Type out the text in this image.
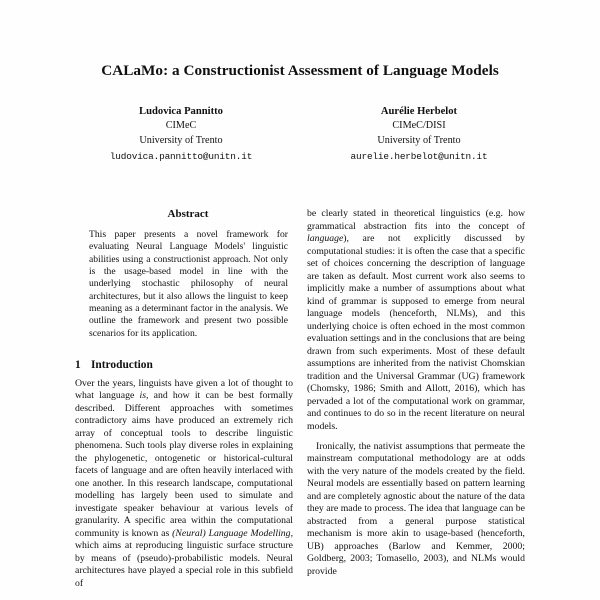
CALaMo: a Constructionist Assessment of Language Models
Ludovica Pannitto
CIMeC
University of Trento
ludovica.pannitto@unitn.it
Aurélie Herbelot
CIMeC/DISI
University of Trento
aurelie.herbelot@unitn.it
Abstract
This paper presents a novel framework for evaluating Neural Language Models' linguistic abilities using a constructionist approach. Not only is the usage-based model in line with the underlying stochastic philosophy of neural architectures, but it also allows the linguist to keep meaning as a determinant factor in the analysis. We outline the framework and present two possible scenarios for its application.
1 Introduction

Over the years, linguists have given a lot of thought to what language is, and how it can be best formally described. Different approaches with sometimes contradictory aims have produced an extremely rich array of conceptual tools to describe linguistic phenomena. Such tools play diverse roles in explaining the phylogenetic, ontogenetic or historical-cultural facets of language and are often heavily interlaced with one another. In this research landscape, computational modelling has largely been used to simulate and investigate speaker behaviour at various levels of granularity. A specific area within the computational community is known as (Neural) Language Modelling, which aims at reproducing linguistic surface structure by means of (pseudo)-probabilistic models. Neural architectures have played a special role in this subfield of

be clearly stated in theoretical linguistics (e.g. how grammatical abstraction fits into the concept of language), are not explicitly discussed by computational studies: it is often the case that a specific set of choices concerning the description of language are taken as default. Most current work also seems to implicitly make a number of assumptions about what kind of grammar is supposed to emerge from neural language models (henceforth, NLMs), and this underlying choice is often echoed in the most common evaluation settings and in the conclusions that are being drawn from such experiments. Most of these default assumptions are inherited from the nativist Chomskian tradition and the Universal Grammar (UG) framework (Chomsky, 1986; Smith and Allott, 2016), which has pervaded a lot of the computational work on grammar, and continues to do so in the recent literature on neural models.

Ironically, the nativist assumptions that permeate the mainstream computational methodology are at odds with the very nature of the models created by the field. Neural models are essentially based on pattern learning and are completely agnostic about the nature of the data they are made to process. The idea that language can be abstracted from a general purpose statistical mechanism is more akin to usage-based (henceforth, UB) approaches (Barlow and Kemmer, 2000; Goldberg, 2003; Tomasello, 2003), and NLMs would provide
